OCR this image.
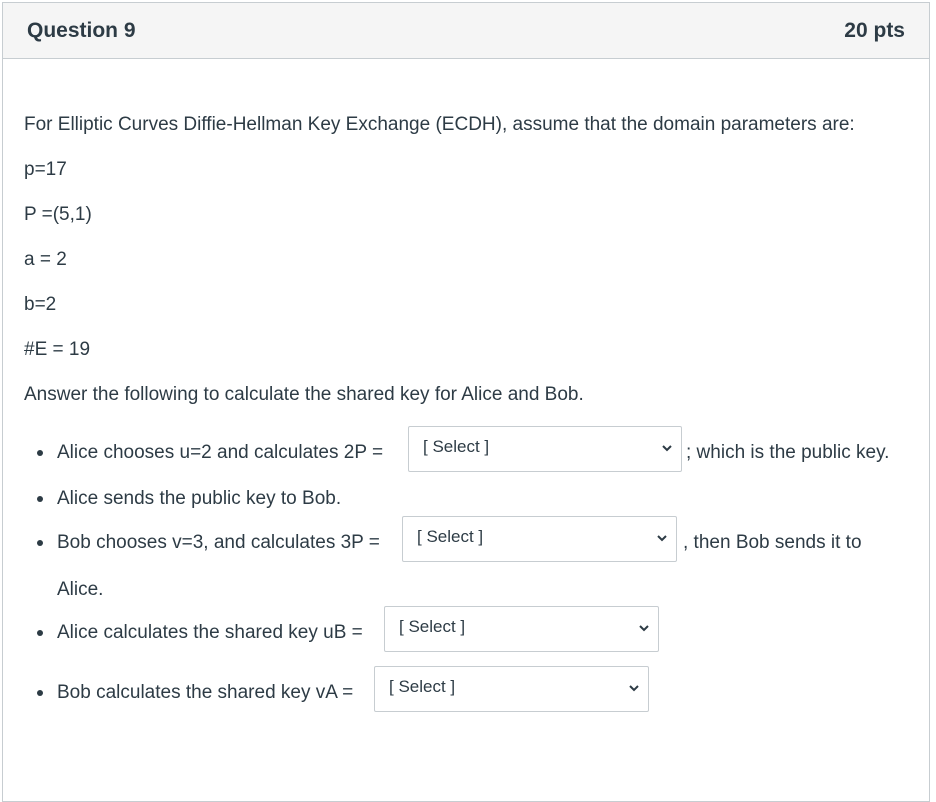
Question 9	20 pts
For Elliptic Curves Diffie-Hellman Key Exchange (ECDH), assume that the domain parameters are:
p=17
P =(5,1)
a = 2
b=2
#E = 19
Answer the following to calculate the shared key for Alice and Bob.
Alice chooses u=2 and calculates 2P = [ Select ]	; which is the public key.
Alice sends the public key to Bob.
Bob chooses v=3, and calculates 3P = [ Select ]	, then Bob sends it to
Alice.
Alice calculates the shared key uB = [ Select ]
Bob calculates the shared key vA = [ Select ]
